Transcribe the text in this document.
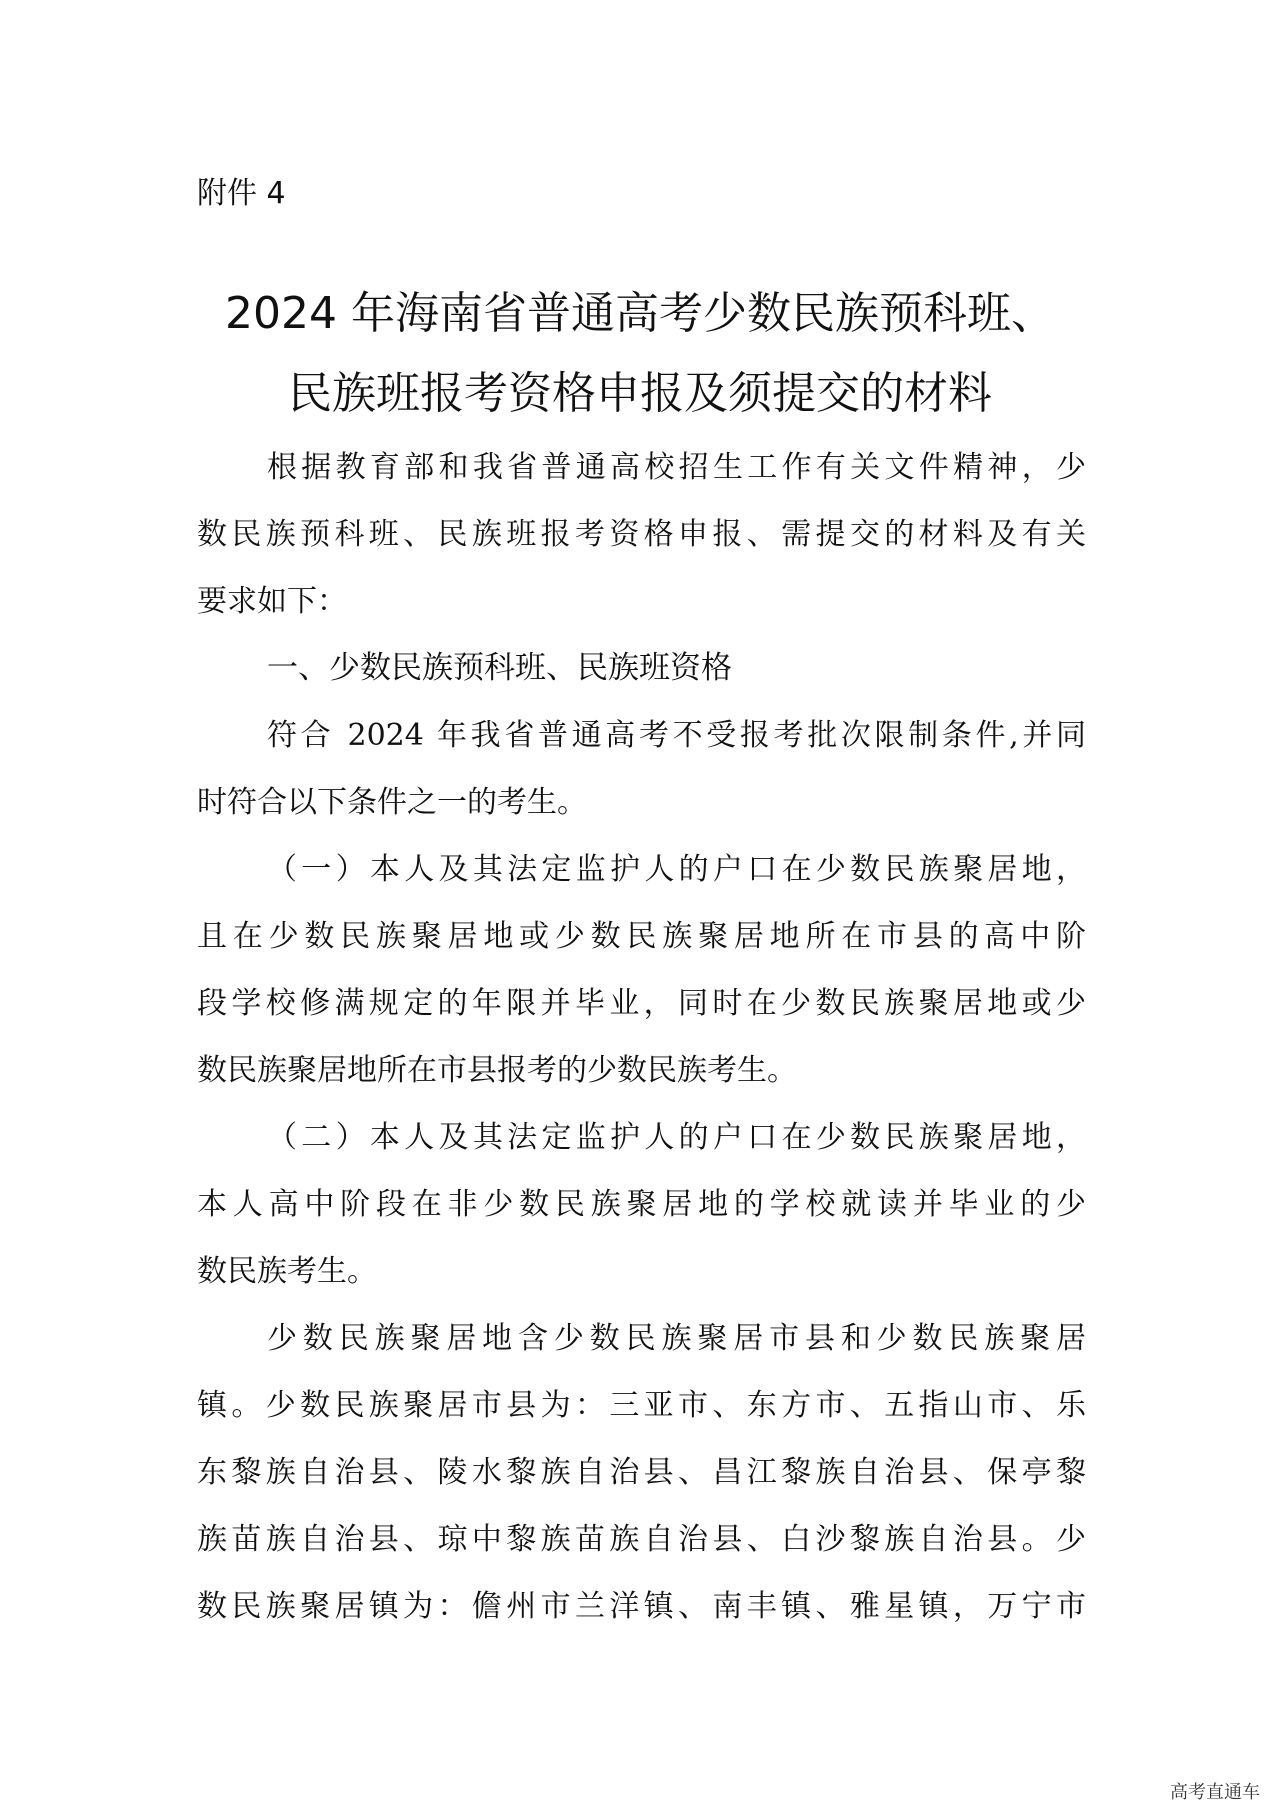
附件 4
2024 年海南省普通高考少数民族预科班、
民族班报考资格申报及须提交的材料
根据教育部和我省普通高校招生工作有关文件精神，少
数民族预科班、民族班报考资格申报、需提交的材料及有关
要求如下：
一、少数民族预科班、民族班资格
符合 2024 年我省普通高考不受报考批次限制条件,并同
时符合以下条件之一的考生。
（一）本人及其法定监护人的户口在少数民族聚居地，
且在少数民族聚居地或少数民族聚居地所在市县的高中阶
段学校修满规定的年限并毕业，同时在少数民族聚居地或少
数民族聚居地所在市县报考的少数民族考生。
（二）本人及其法定监护人的户口在少数民族聚居地，
本人高中阶段在非少数民族聚居地的学校就读并毕业的少
数民族考生。
少数民族聚居地含少数民族聚居市县和少数民族聚居
镇。少数民族聚居市县为：三亚市、东方市、五指山市、乐
东黎族自治县、陵水黎族自治县、昌江黎族自治县、保亭黎
族苗族自治县、琼中黎族苗族自治县、白沙黎族自治县。少
数民族聚居镇为：儋州市兰洋镇、南丰镇、雅星镇，万宁市
高考直通车
